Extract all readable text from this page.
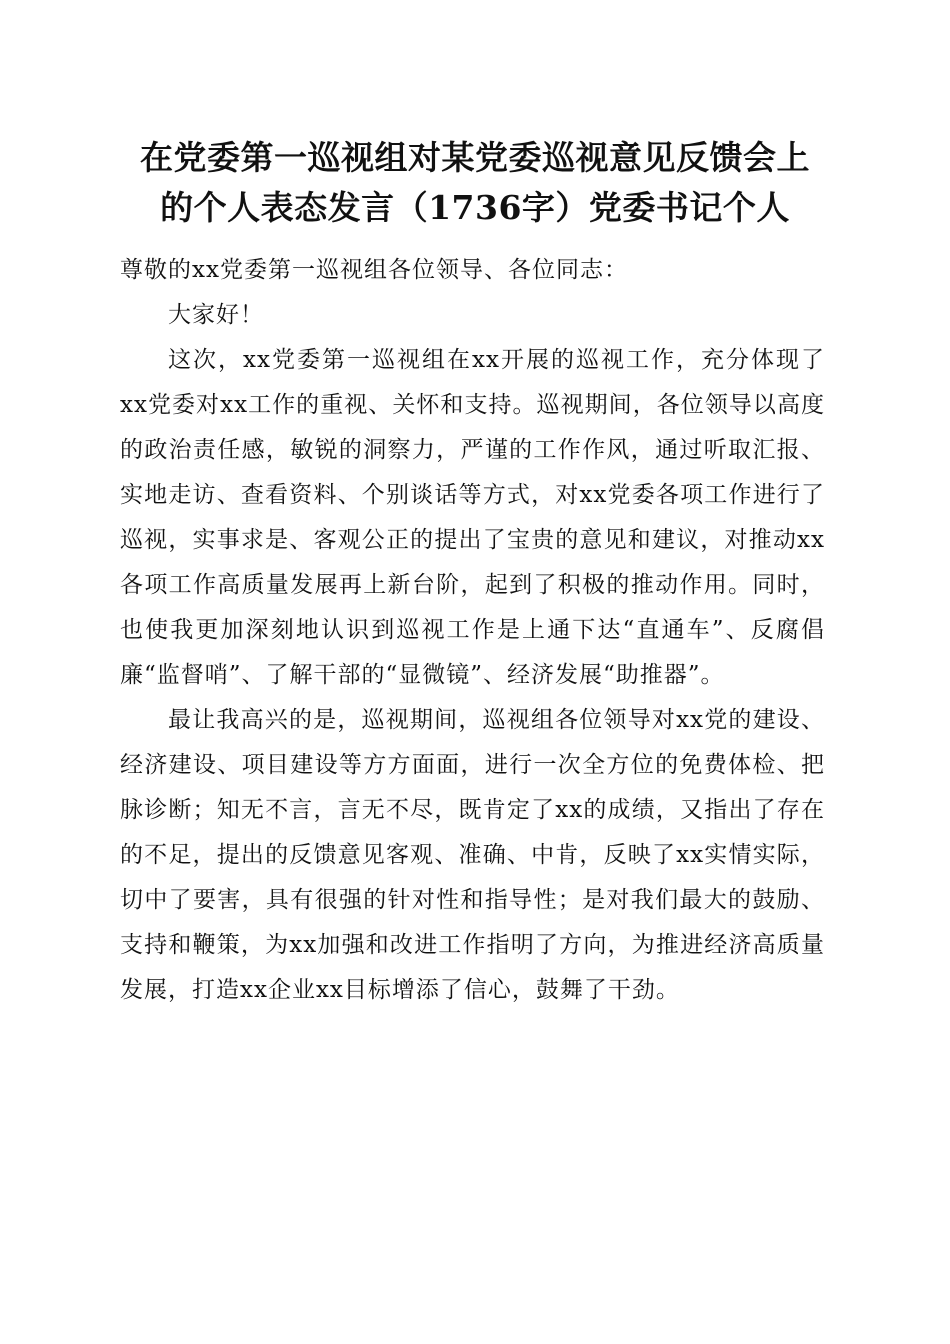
在党委第一巡视组对某党委巡视意见反馈会上
的个人表态发言（1736字）党委书记个人

尊敬的xx党委第一巡视组各位领导、各位同志：

大家好！

这次，xx党委第一巡视组在xx开展的巡视工作，充分体现了xx党委对xx工作的重视、关怀和支持。巡视期间，各位领导以高度的政治责任感，敏锐的洞察力，严谨的工作作风，通过听取汇报、实地走访、查看资料、个别谈话等方式，对xx党委各项工作进行了巡视，实事求是、客观公正的提出了宝贵的意见和建议，对推动xx各项工作高质量发展再上新台阶，起到了积极的推动作用。同时，也使我更加深刻地认识到巡视工作是上通下达“直通车”、反腐倡廉“监督哨”、了解干部的“显微镜”、经济发展“助推器”。

最让我高兴的是，巡视期间，巡视组各位领导对xx党的建设、经济建设、项目建设等方方面面，进行一次全方位的免费体检、把脉诊断；知无不言，言无不尽，既肯定了xx的成绩，又指出了存在的不足，提出的反馈意见客观、准确、中肯，反映了xx实情实际，切中了要害，具有很强的针对性和指导性；是对我们最大的鼓励、支持和鞭策，为xx加强和改进工作指明了方向，为推进经济高质量发展，打造xx企业xx目标增添了信心，鼓舞了干劲。
